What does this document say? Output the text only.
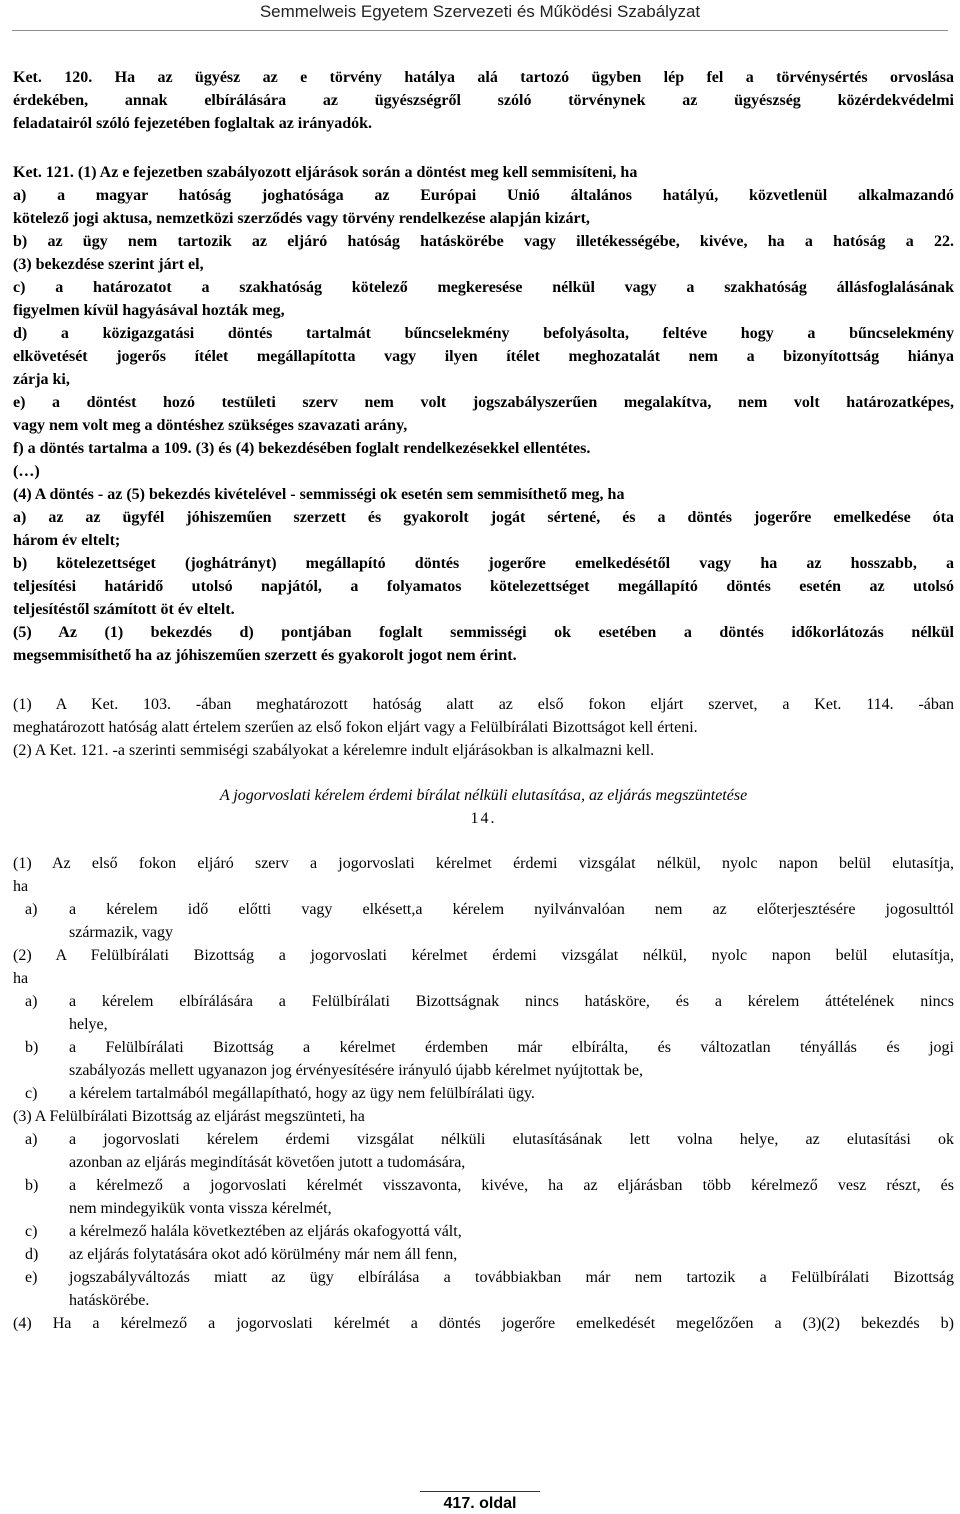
Semmelweis Egyetem Szervezeti és Működési Szabályzat
Ket. 120. Ha az ügyész az e törvény hatálya alá tartozó ügyben lép fel a törvénysértés orvoslása
érdekében, annak elbírálására az ügyészségről szóló törvénynek az ügyészség közérdekvédelmi
feladatairól szóló fejezetében foglaltak az irányadók.
Ket. 121. (1) Az e fejezetben szabályozott eljárások során a döntést meg kell semmisíteni, ha
a) a magyar hatóság joghatósága az Európai Unió általános hatályú, közvetlenül alkalmazandó
kötelező jogi aktusa, nemzetközi szerződés vagy törvény rendelkezése alapján kizárt,
b) az ügy nem tartozik az eljáró hatóság hatáskörébe vagy illetékességébe, kivéve, ha a hatóság a 22.
(3) bekezdése szerint járt el,
c) a határozatot a szakhatóság kötelező megkeresése nélkül vagy a szakhatóság állásfoglalásának
figyelmen kívül hagyásával hozták meg,
d) a közigazgatási döntés tartalmát bűncselekmény befolyásolta, feltéve hogy a bűncselekmény
elkövetését jogerős ítélet megállapította vagy ilyen ítélet meghozatalát nem a bizonyítottság hiánya
zárja ki,
e) a döntést hozó testületi szerv nem volt jogszabályszerűen megalakítva, nem volt határozatképes,
vagy nem volt meg a döntéshez szükséges szavazati arány,
f) a döntés tartalma a 109. (3) és (4) bekezdésében foglalt rendelkezésekkel ellentétes.
(…)
(4) A döntés - az (5) bekezdés kivételével - semmisségi ok esetén sem semmisíthető meg, ha
a) az az ügyfél jóhiszeműen szerzett és gyakorolt jogát sértené, és a döntés jogerőre emelkedése óta
három év eltelt;
b) kötelezettséget (joghátrányt) megállapító döntés jogerőre emelkedésétől vagy ha az hosszabb, a
teljesítési határidő utolsó napjától, a folyamatos kötelezettséget megállapító döntés esetén az utolsó
teljesítéstől számított öt év eltelt.
(5) Az (1) bekezdés d) pontjában foglalt semmisségi ok esetében a döntés időkorlátozás nélkül
megsemmisíthető ha az jóhiszeműen szerzett és gyakorolt jogot nem érint.
(1) A Ket. 103. -ában meghatározott hatóság alatt az első fokon eljárt szervet, a Ket. 114. -ában
meghatározott hatóság alatt értelem szerűen az első fokon eljárt vagy a Felülbírálati Bizottságot kell érteni.
(2) A Ket. 121. -a szerinti semmiségi szabályokat a kérelemre indult eljárásokban is alkalmazni kell.
A jogorvoslati kérelem érdemi bírálat nélküli elutasítása, az eljárás megszüntetése
14.
(1) Az első fokon eljáró szerv a jogorvoslati kérelmet érdemi vizsgálat nélkül, nyolc napon belül elutasítja,
ha
a) a kérelem idő előtti vagy elkésett,a kérelem nyilvánvalóan nem az előterjesztésére jogosulttól
származik, vagy
(2) A Felülbírálati Bizottság a jogorvoslati kérelmet érdemi vizsgálat nélkül, nyolc napon belül elutasítja,
ha
a) a kérelem elbírálására a Felülbírálati Bizottságnak nincs hatásköre, és a kérelem áttételének nincs
helye,
b) a Felülbírálati Bizottság a kérelmet érdemben már elbírálta, és változatlan tényállás és jogi
szabályozás mellett ugyanazon jog érvényesítésére irányuló újabb kérelmet nyújtottak be,
c) a kérelem tartalmából megállapítható, hogy az ügy nem felülbírálati ügy.
(3) A Felülbírálati Bizottság az eljárást megszünteti, ha
a) a jogorvoslati kérelem érdemi vizsgálat nélküli elutasításának lett volna helye, az elutasítási ok
azonban az eljárás megindítását követően jutott a tudomására,
b) a kérelmező a jogorvoslati kérelmét visszavonta, kivéve, ha az eljárásban több kérelmező vesz részt, és
nem mindegyikük vonta vissza kérelmét,
c) a kérelmező halála következtében az eljárás okafogyottá vált,
d) az eljárás folytatására okot adó körülmény már nem áll fenn,
e) jogszabályváltozás miatt az ügy elbírálása a továbbiakban már nem tartozik a Felülbírálati Bizottság
hatáskörébe.
(4) Ha a kérelmező a jogorvoslati kérelmét a döntés jogerőre emelkedését megelőzően a (3)(2) bekezdés b)
417. oldal
